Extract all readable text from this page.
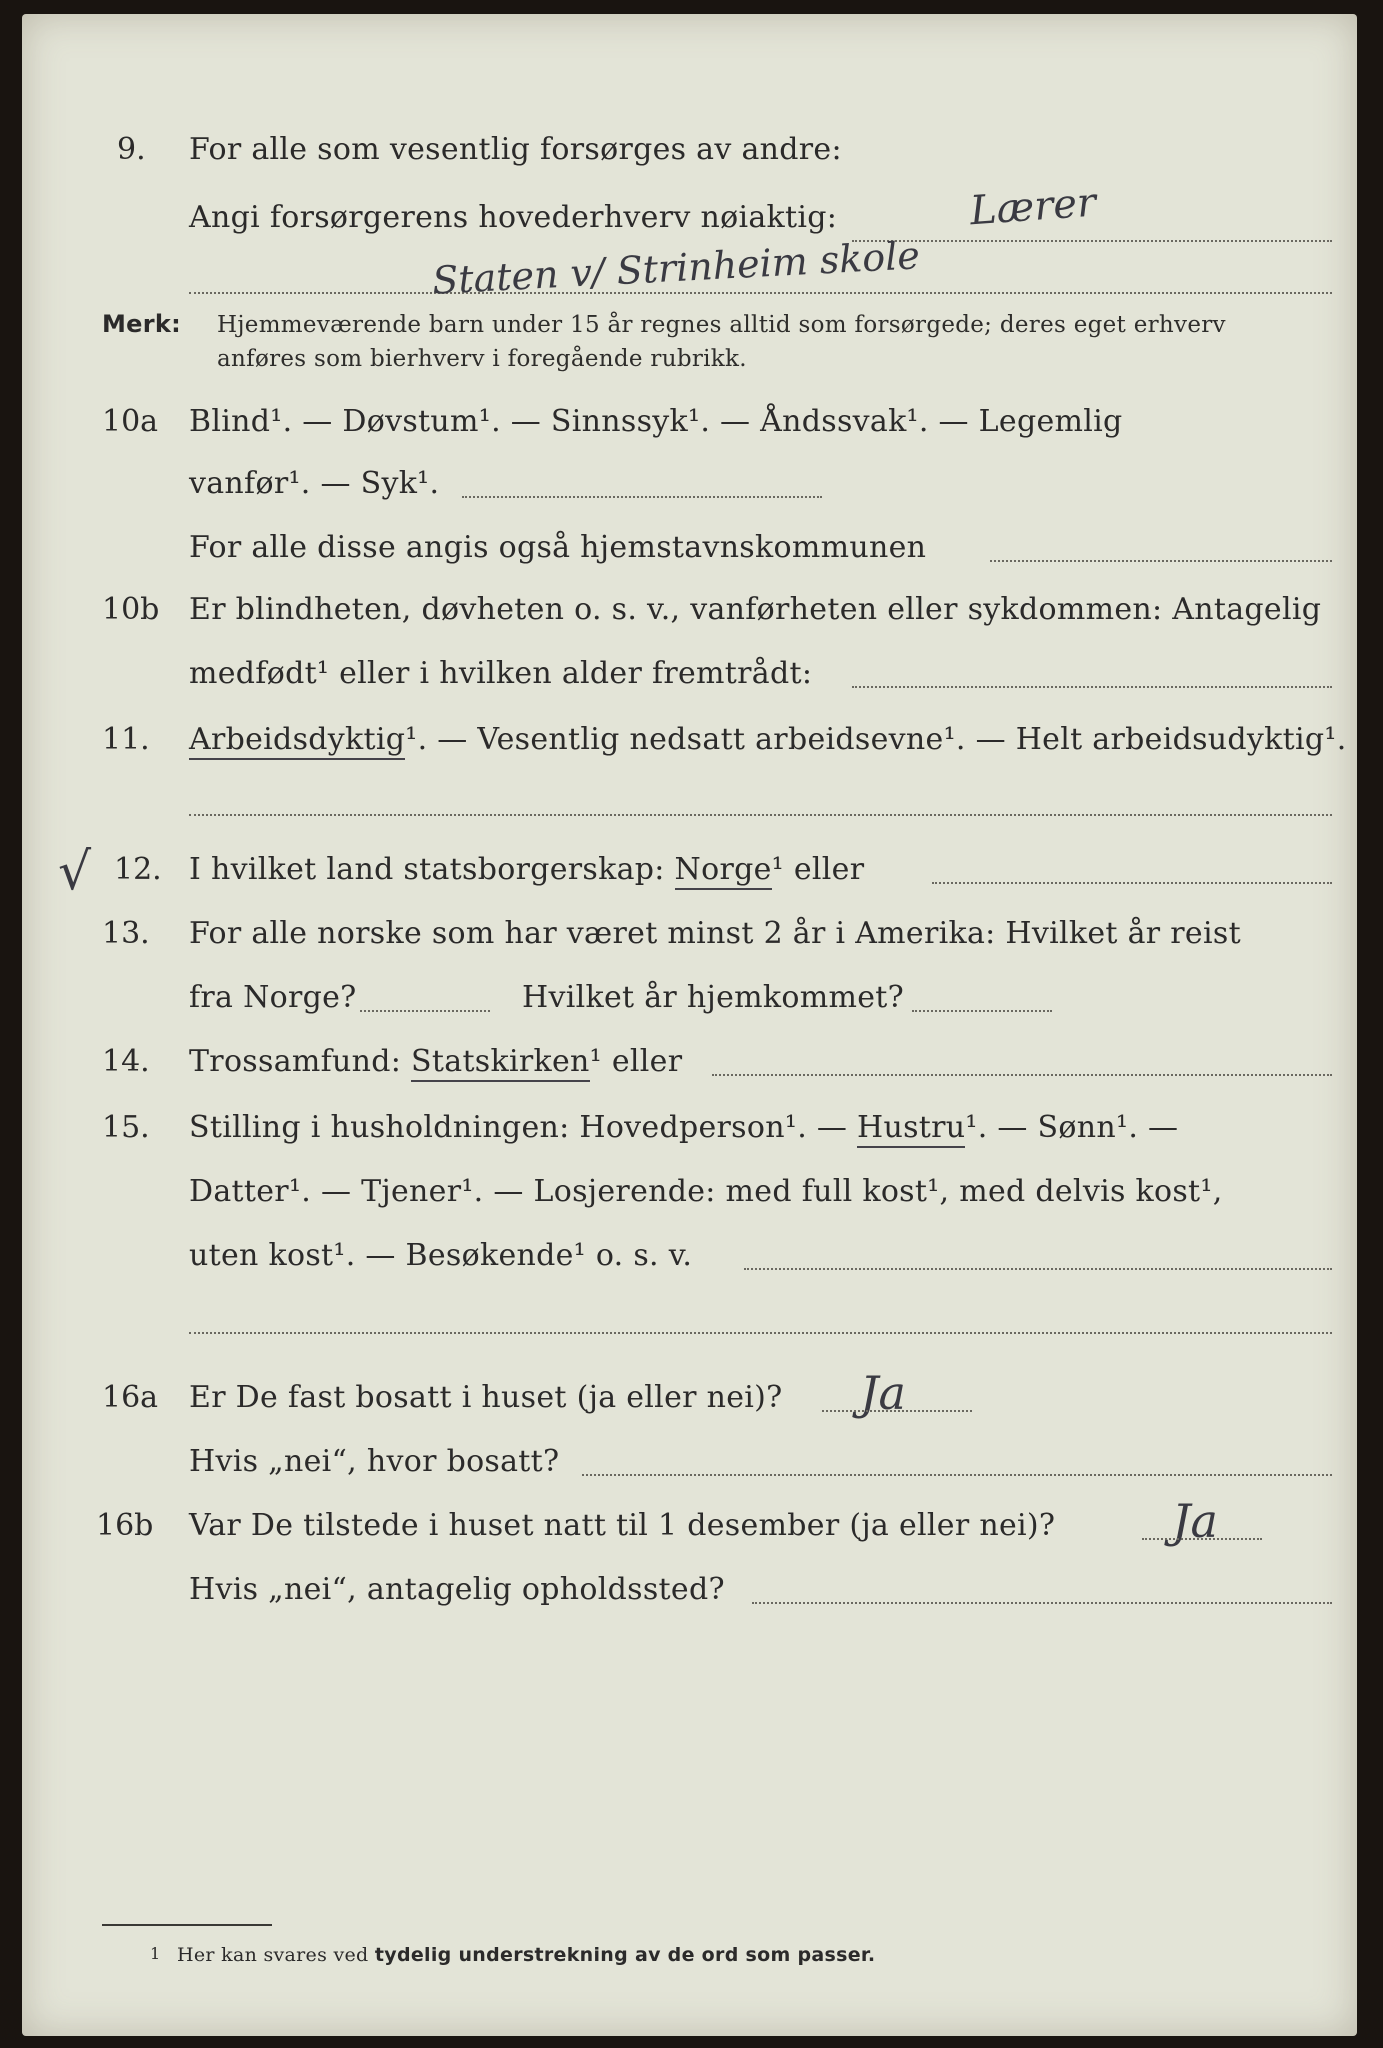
9. For alle som vesentlig forsørges av andre:
Angi forsørgerens hovederhverv nøiaktig:	Lærer
Staten v/ Strinheim skole
Merk: Hjemmeværende barn under 15 år regnes alltid som forsørgede; deres eget erhverv
anføres som bierhverv i foregående rubrikk.
10a Blind¹. — Døvstum¹. — Sinnssyk¹. — Åndssvak¹. — Legemlig
vanfør¹. — Syk¹.
For alle disse angis også hjemstavnskommunen
10b Er blindheten, døvheten o. s. v., vanførheten eller sykdommen: Antagelig
medfødt¹ eller i hvilken alder fremtrådt:
11. Arbeidsdyktig¹. — Vesentlig nedsatt arbeidsevne¹. — Helt arbeidsudyktig¹.
√ 12. I hvilket land statsborgerskap: Norge¹ eller
13. For alle norske som har været minst 2 år i Amerika: Hvilket år reist
fra Norge?	Hvilket år hjemkommet?
14. Trossamfund: Statskirken¹ eller
15. Stilling i husholdningen: Hovedperson¹. — Hustru¹. — Sønn¹. —
Datter¹. — Tjener¹. — Losjerende: med full kost¹, med delvis kost¹,
uten kost¹. — Besøkende¹ o. s. v.
16a Er De fast bosatt i huset (ja eller nei)? Ja
Hvis „nei“, hvor bosatt?
16b Var De tilstede i huset natt til 1 desember (ja eller nei)?	Ja
Hvis „nei“, antagelig opholdssted?
1 Her kan svares ved tydelig understrekning av de ord som passer.
